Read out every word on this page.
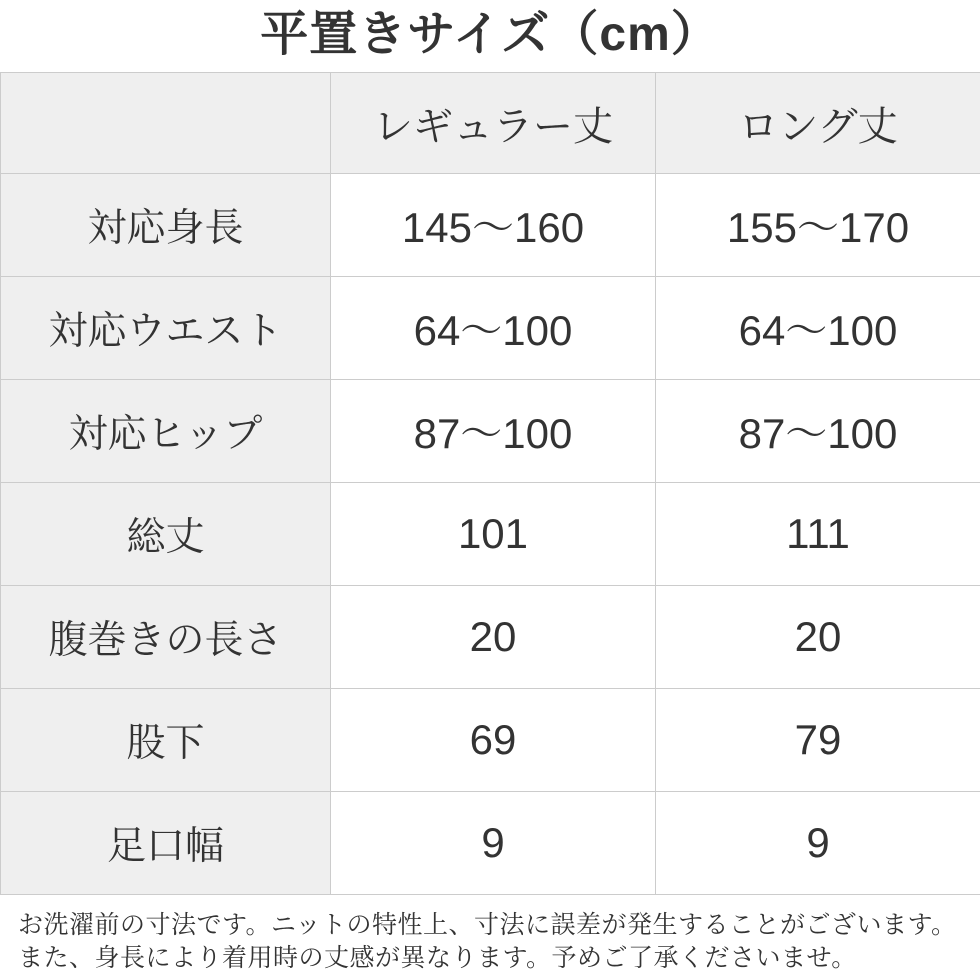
平置きサイズ（cm）
	レギュラー丈	ロング丈
対応身長	145〜160	155〜170
対応ウエスト	64〜100	64〜100
対応ヒップ	87〜100	87〜100
総丈	101	111
腹巻きの長さ	20	20
股下	69	79
足口幅	9	9

お洗濯前の寸法です。ニットの特性上、寸法に誤差が発生することがございます。
また、身長により着用時の丈感が異なります。予めご了承くださいませ。
